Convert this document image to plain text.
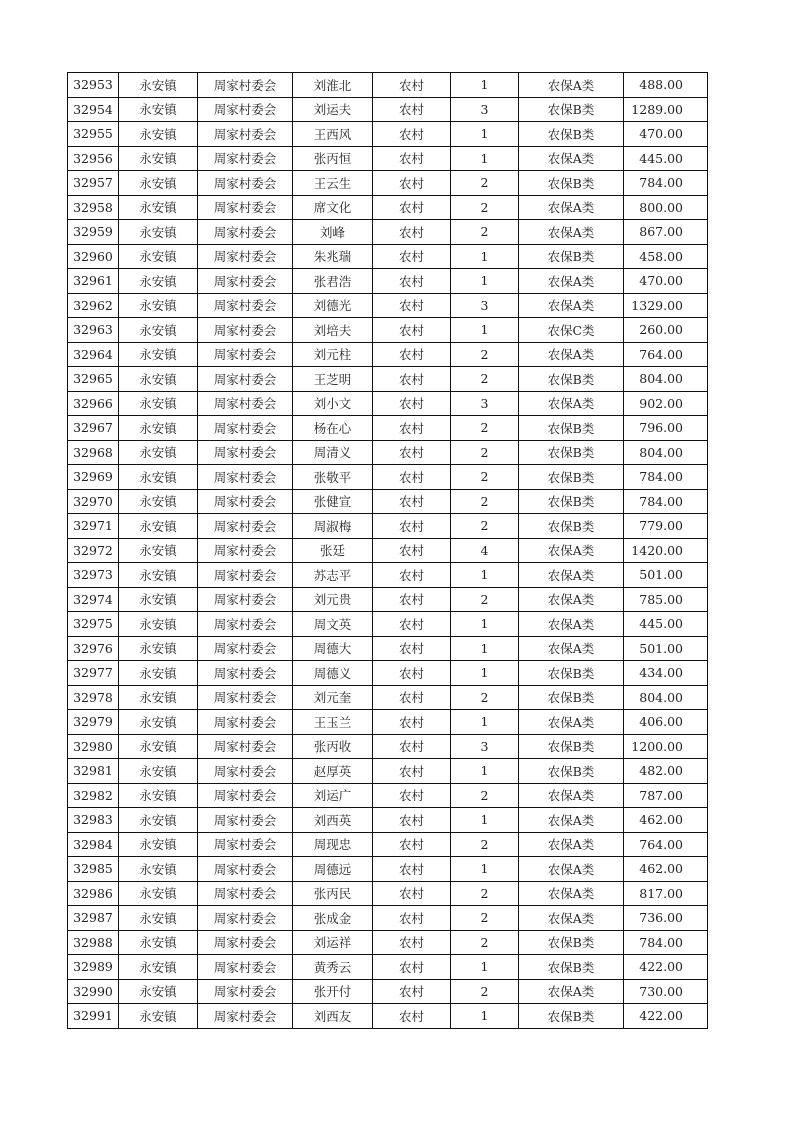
32953	永安镇	周家村委会	刘淮北	农村	1	农保A类	488.00
32954	永安镇	周家村委会	刘运夫	农村	3	农保B类	1289.00
32955	永安镇	周家村委会	王西风	农村	1	农保B类	470.00
32956	永安镇	周家村委会	张丙恒	农村	1	农保A类	445.00
32957	永安镇	周家村委会	王云生	农村	2	农保B类	784.00
32958	永安镇	周家村委会	席文化	农村	2	农保A类	800.00
32959	永安镇	周家村委会	刘峰	农村	2	农保A类	867.00
32960	永安镇	周家村委会	朱兆瑞	农村	1	农保B类	458.00
32961	永安镇	周家村委会	张君浩	农村	1	农保A类	470.00
32962	永安镇	周家村委会	刘德光	农村	3	农保A类	1329.00
32963	永安镇	周家村委会	刘培夫	农村	1	农保C类	260.00
32964	永安镇	周家村委会	刘元柱	农村	2	农保A类	764.00
32965	永安镇	周家村委会	王芝明	农村	2	农保B类	804.00
32966	永安镇	周家村委会	刘小文	农村	3	农保A类	902.00
32967	永安镇	周家村委会	杨在心	农村	2	农保B类	796.00
32968	永安镇	周家村委会	周清义	农村	2	农保B类	804.00
32969	永安镇	周家村委会	张敬平	农村	2	农保B类	784.00
32970	永安镇	周家村委会	张健宣	农村	2	农保B类	784.00
32971	永安镇	周家村委会	周淑梅	农村	2	农保B类	779.00
32972	永安镇	周家村委会	张廷	农村	4	农保A类	1420.00
32973	永安镇	周家村委会	苏志平	农村	1	农保A类	501.00
32974	永安镇	周家村委会	刘元贵	农村	2	农保A类	785.00
32975	永安镇	周家村委会	周文英	农村	1	农保A类	445.00
32976	永安镇	周家村委会	周德大	农村	1	农保A类	501.00
32977	永安镇	周家村委会	周德义	农村	1	农保B类	434.00
32978	永安镇	周家村委会	刘元奎	农村	2	农保B类	804.00
32979	永安镇	周家村委会	王玉兰	农村	1	农保A类	406.00
32980	永安镇	周家村委会	张丙收	农村	3	农保B类	1200.00
32981	永安镇	周家村委会	赵厚英	农村	1	农保B类	482.00
32982	永安镇	周家村委会	刘运广	农村	2	农保A类	787.00
32983	永安镇	周家村委会	刘西英	农村	1	农保A类	462.00
32984	永安镇	周家村委会	周现忠	农村	2	农保A类	764.00
32985	永安镇	周家村委会	周德远	农村	1	农保A类	462.00
32986	永安镇	周家村委会	张丙民	农村	2	农保A类	817.00
32987	永安镇	周家村委会	张成金	农村	2	农保A类	736.00
32988	永安镇	周家村委会	刘运祥	农村	2	农保B类	784.00
32989	永安镇	周家村委会	黄秀云	农村	1	农保B类	422.00
32990	永安镇	周家村委会	张开付	农村	2	农保A类	730.00
32991	永安镇	周家村委会	刘西友	农村	1	农保B类	422.00
